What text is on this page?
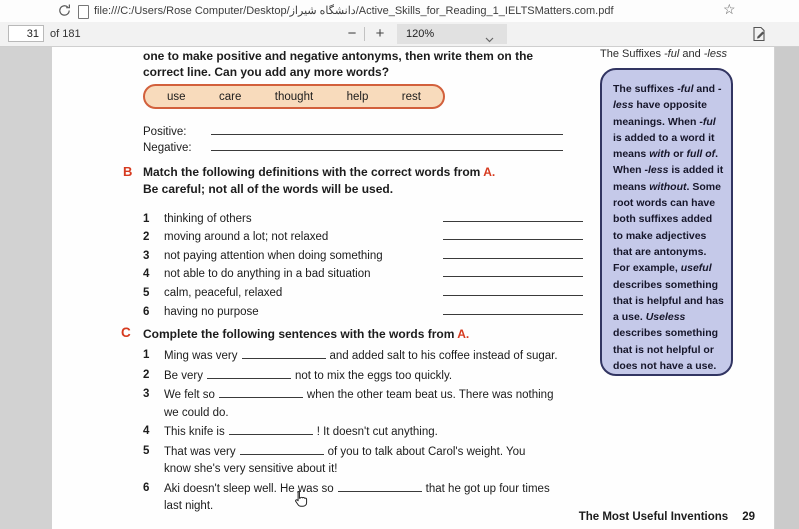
file:///C:/Users/Rose Computer/Desktop/دانشگاه شیراز/Active_Skills_for_Reading_1_IELTSMatters.com.pdf	☆
31
of 181	−	+	120%
one to make positive and negative antonyms, then write them on the
correct line. Can you add any more words?
use	care	thought	help	rest
Positive:
Negative:
B Match the following definitions with the correct words from A.
Be careful; not all of the words will be used.
1	thinking of others
2	moving around a lot; not relaxed
3	not paying attention when doing something
4	not able to do anything in a bad situation
5	calm, peaceful, relaxed
6	having no purpose
C Complete the following sentences with the words from A.
1	Ming was very	and added salt to his coffee instead of sugar.
2	Be very	not to mix the eggs too quickly.
3	We felt so	when the other team beat us. There was nothing
we could do.
4	This knife is	! It doesn't cut anything.
5	That was very	of you to talk about Carol's weight. You
know she's very sensitive about it!
6	Aki doesn't sleep well. He was so	that he got up four times
last night.
The Most Useful Inventions 29
The Suffixes -ful and -less
The suffixes -ful and -less have opposite meanings. When -ful is added to a word it means with or full of. When -less is added it means without. Some root words can have both suffixes added to make adjectives that are antonyms. For example, useful describes something that is helpful and has a use. Useless describes something that is not helpful or does not have a use.
